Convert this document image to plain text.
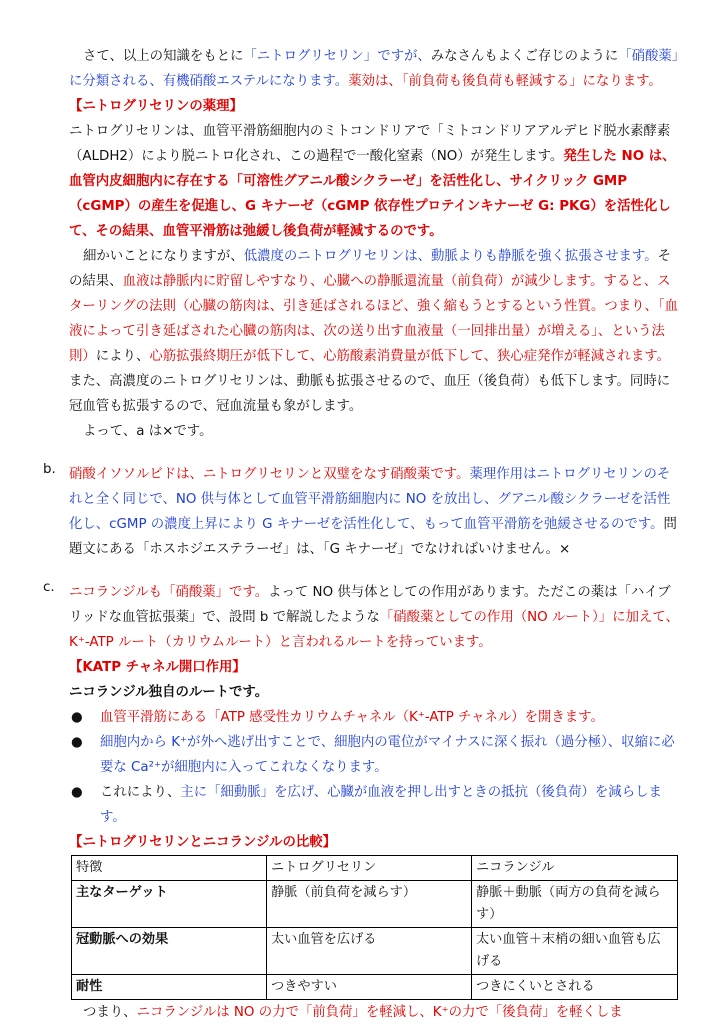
さて、以上の知識をもとに「ニトログリセリン」ですが、みなさんもよくご存じのように「硝酸薬」に分類される、有機硝酸エステルになります。薬効は、「前負荷も後負荷も軽減する」になります。

【ニトログリセリンの薬理】

ニトログリセリンは、血管平滑筋細胞内のミトコンドリアで「ミトコンドリアアルデヒド脱水素酵素（ALDH2）により脱ニトロ化され、この過程で一酸化窒素（NO）が発生します。発生した NO は、血管内皮細胞内に存在する「可溶性グアニル酸シクラーゼ」を活性化し、サイクリック GMP（cGMP）の産生を促進し、G キナーゼ（cGMP 依存性プロテインキナーゼ G: PKG）を活性化して、その結果、血管平滑筋は弛緩し後負荷が軽減するのです。

細かいことになりますが、低濃度のニトログリセリンは、動脈よりも静脈を強く拡張させます。その結果、血液は静脈内に貯留しやすなり、心臓への静脈還流量（前負荷）が減少します。すると、スターリングの法則（心臓の筋肉は、引き延ばされるほど、強く縮もうとするという性質。つまり、「血液によって引き延ばされた心臓の筋肉は、次の送り出す血液量（一回排出量）が増える」、という法則）により、心筋拡張終期圧が低下して、心筋酸素消費量が低下して、狭心症発作が軽減されます。また、高濃度のニトログリセリンは、動脈も拡張させるので、血圧（後負荷）も低下します。同時に冠血管も拡張するので、冠血流量も象がします。

よって、a は×です。

b. 硝酸イソソルビドは、ニトログリセリンと双璧をなす硝酸薬です。薬理作用はニトログリセリンのそれと全く同じで、NO 供与体として血管平滑筋細胞内に NO を放出し、グアニル酸シクラーゼを活性化し、cGMP の濃度上昇により G キナーゼを活性化して、もって血管平滑筋を弛緩させるのです。問題文にある「ホスホジエステラーゼ」は、「G キナーゼ」でなければいけません。×

c. ニコランジルも「硝酸薬」です。よって NO 供与体としての作用があります。ただこの薬は「ハイブリッドな血管拡張薬」で、設問 b で解説したような「硝酸薬としての作用（NO ルート）」に加えて、K⁺-ATP ルート（カリウムルート）と言われるルートを持っています。

【KATP チャネル開口作用】

ニコランジル独自のルートです。

● 血管平滑筋にある「ATP 感受性カリウムチャネル（K⁺-ATP チャネル）を開きます。
● 細胞内から K⁺が外へ逃げ出すことで、細胞内の電位がマイナスに深く振れ（過分極）、収縮に必要な Ca²⁺が細胞内に入ってこれなくなります。
● これにより、主に「細動脈」を広げ、心臓が血液を押し出すときの抵抗（後負荷）を減らします。

【ニトログリセリンとニコランジルの比較】

特徴	ニトログリセリン	ニコランジル
主なターゲット	静脈（前負荷を減らす）	静脈＋動脈（両方の負荷を減らす）
冠動脈への効果	太い血管を広げる	太い血管＋末梢の細い血管も広げる
耐性	つきやすい	つきにくいとされる

つまり、ニコランジルは NO の力で「前負荷」を軽減し、K⁺の力で「後負荷」を軽くしま
